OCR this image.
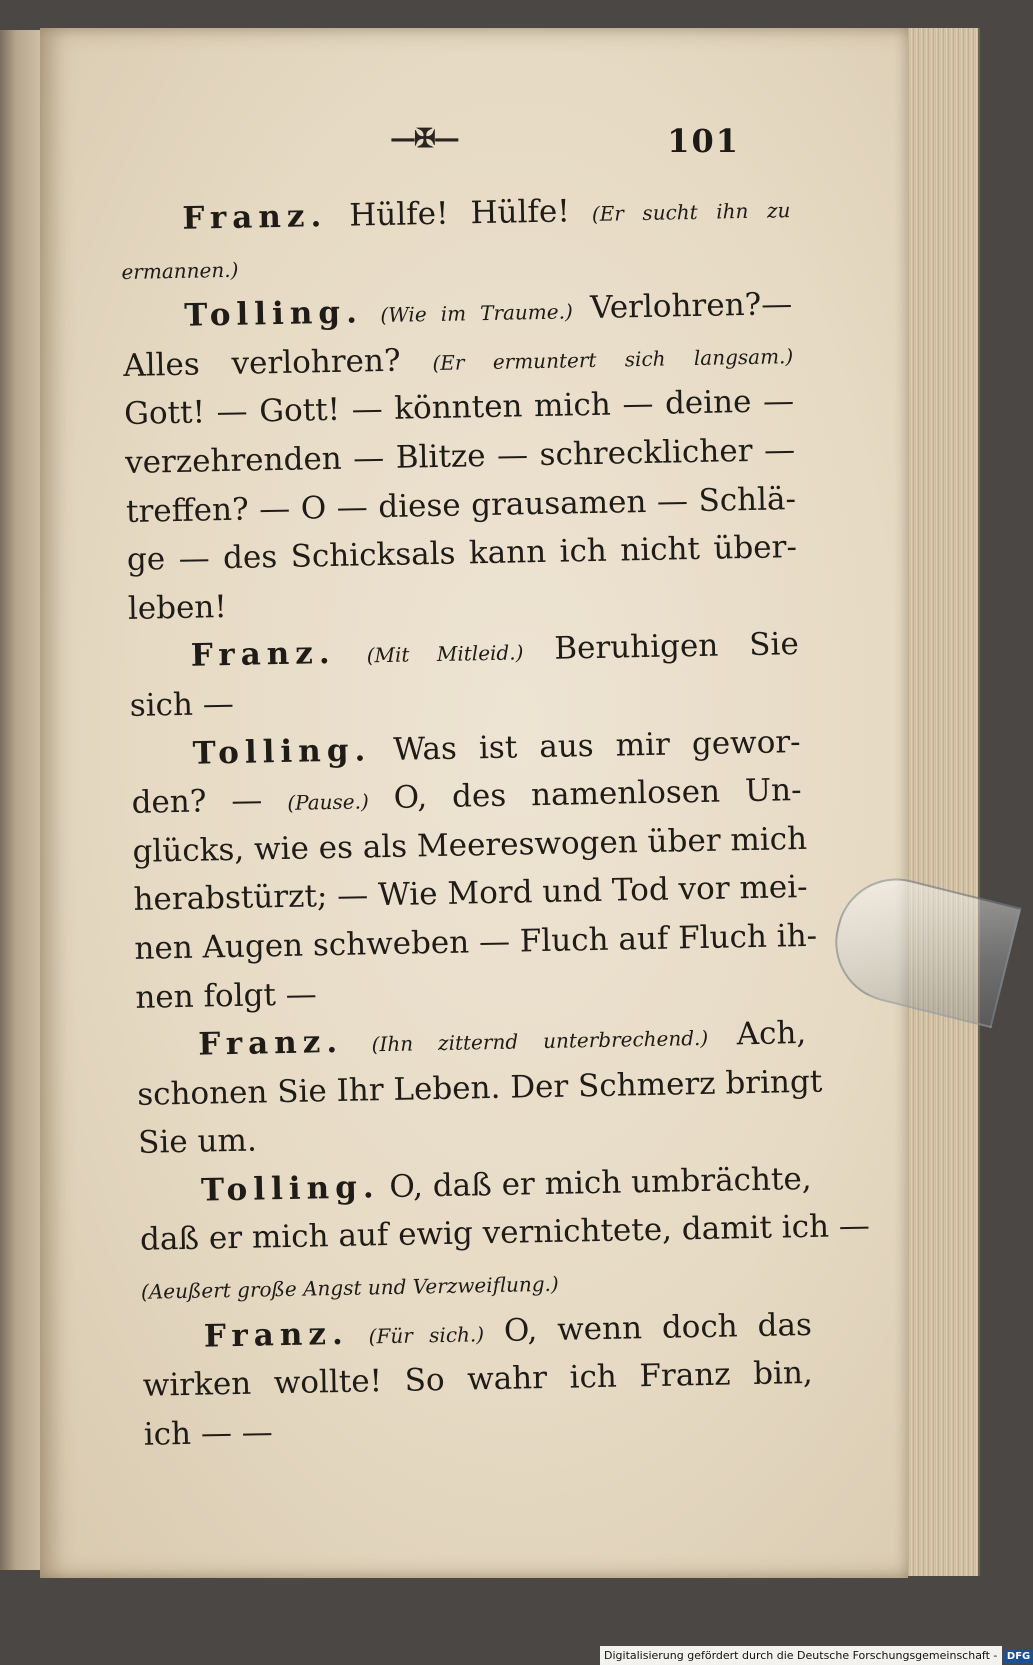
—✠—	101
Franz. Hülfe! Hülfe! (Er sucht ihn zu
ermannen.)
Tolling. (Wie im Traume.) Verlohren?—
Alles verlohren? (Er ermuntert sich langsam.)
Gott! — Gott! — könnten mich — deine —
verzehrenden — Blitze — schrecklicher —
treffen? — O — diese grausamen — Schlä-
ge — des Schicksals kann ich nicht über-
leben!
Franz. (Mit Mitleid.) Beruhigen Sie
sich —
Tolling. Was ist aus mir gewor-
den? — (Pause.) O, des namenlosen Un-
glücks, wie es als Meereswogen über mich
herabstürzt; — Wie Mord und Tod vor mei-
nen Augen schweben — Fluch auf Fluch ih-
nen folgt —
Franz. (Ihn zitternd unterbrechend.) Ach,
schonen Sie Ihr Leben. Der Schmerz bringt
Sie um.
Tolling. O, daß er mich umbrächte,
daß er mich auf ewig vernichtete, damit ich —
(Aeußert große Angst und Verzweiflung.)
Franz. (Für sich.) O, wenn doch das
wirken wollte! So wahr ich Franz bin,
ich — —
Digitalisierung gefördert durch die Deutsche Forschungsgemeinschaft - DFG
